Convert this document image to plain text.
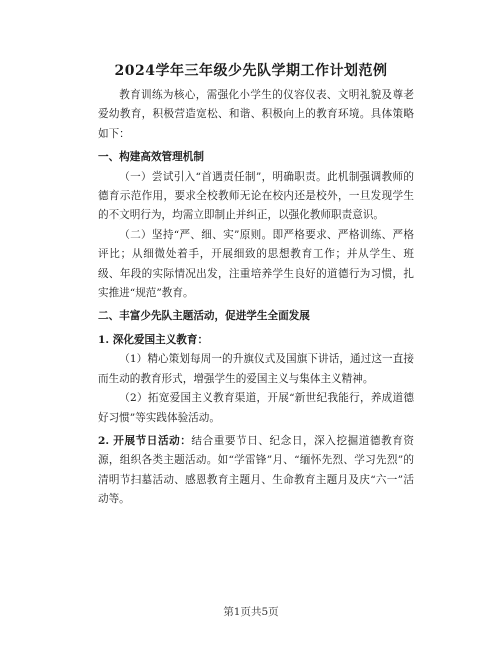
2024学年三年级少先队学期工作计划范例

教育训练为核心，需强化小学生的仪容仪表、文明礼貌及尊老爱幼教育，积极营造宽松、和谐、积极向上的教育环境。具体策略如下：

一、构建高效管理机制

（一）尝试引入“首遇责任制”，明确职责。此机制强调教师的德育示范作用，要求全校教师无论在校内还是校外，一旦发现学生的不文明行为，均需立即制止并纠正，以强化教师职责意识。

（二）坚持“严、细、实”原则。即严格要求、严格训练、严格评比；从细微处着手，开展细致的思想教育工作；并从学生、班级、年段的实际情况出发，注重培养学生良好的道德行为习惯，扎实推进“规范”教育。

二、丰富少先队主题活动，促进学生全面发展

1. 深化爱国主义教育：

（1）精心策划每周一的升旗仪式及国旗下讲话，通过这一直接而生动的教育形式，增强学生的爱国主义与集体主义精神。

（2）拓宽爱国主义教育渠道，开展“新世纪我能行，养成道德好习惯”等实践体验活动。

2. 开展节日活动：结合重要节日、纪念日，深入挖掘道德教育资源，组织各类主题活动。如“学雷锋”月、“缅怀先烈、学习先烈”的清明节扫墓活动、感恩教育主题月、生命教育主题月及庆“六一”活动等。

第1页共5页
